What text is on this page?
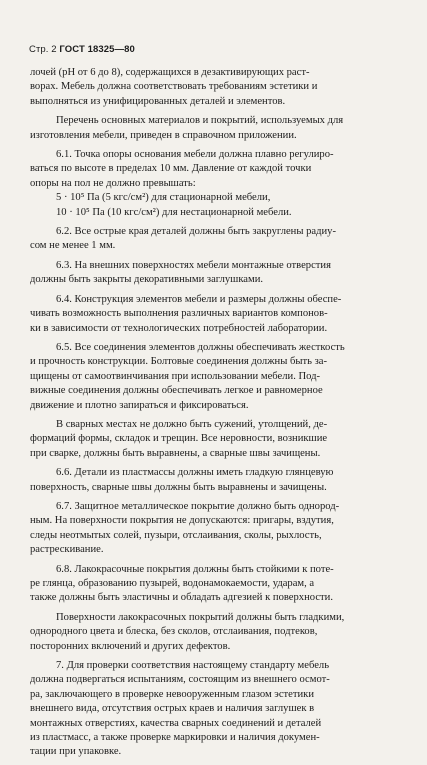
Стр. 2 ГОСТ 18325—80

лочей (рН от 6 до 8), содержащихся в дезактивирующих раст-
ворах. Мебель должна соответствовать требованиям эстетики и
выполняться из унифицированных деталей и элементов.

Перечень основных материалов и покрытий, используемых для
изготовления мебели, приведен в справочном приложении.

6.1. Точка опоры основания мебели должна плавно регулиро-
ваться по высоте в пределах 10 мм. Давление от каждой точки
опоры на пол не должно превышать:
5 · 10⁵ Па (5 кгс/см²) для стационарной мебели,
10 · 10⁵ Па (10 кгс/см²) для нестационарной мебели.

6.2. Все острые края деталей должны быть закруглены радиу-
сом не менее 1 мм.

6.3. На внешних поверхностях мебели монтажные отверстия
должны быть закрыты декоративными заглушками.

6.4. Конструкция элементов мебели и размеры должны обеспе-
чивать возможность выполнения различных вариантов компонов-
ки в зависимости от технологических потребностей лаборатории.

6.5. Все соединения элементов должны обеспечивать жесткость
и прочность конструкции. Болтовые соединения должны быть за-
щищены от самоотвинчивания при использовании мебели. Под-
вижные соединения должны обеспечивать легкое и равномерное
движение и плотно запираться и фиксироваться.

В сварных местах не должно быть сужений, утолщений, де-
формаций формы, складок и трещин. Все неровности, возникшие
при сварке, должны быть выравнены, а сварные швы зачищены.

6.6. Детали из пластмассы должны иметь гладкую глянцевую
поверхность, сварные швы должны быть выравнены и зачищены.

6.7. Защитное металлическое покрытие должно быть однород-
ным. На поверхности покрытия не допускаются: пригары, вздутия,
следы неотмытых солей, пузыри, отслаивания, сколы, рыхлость,
растрескивание.

6.8. Лакокрасочные покрытия должны быть стойкими к поте-
ре глянца, образованию пузырей, водонамокаемости, ударам, а
также должны быть эластичны и обладать адгезией к поверхности.

Поверхности лакокрасочных покрытий должны быть гладкими,
однородного цвета и блеска, без сколов, отслаивания, подтеков,
посторонних включений и других дефектов.

7. Для проверки соответствия настоящему стандарту мебель
должна подвергаться испытаниям, состоящим из внешнего осмот-
ра, заключающего в проверке невооруженным глазом эстетики
внешнего вида, отсутствия острых краев и наличия заглушек в
монтажных отверстиях, качества сварных соединений и деталей
из пластмасс, а также проверке маркировки и наличия докумен-
тации при упаковке.
